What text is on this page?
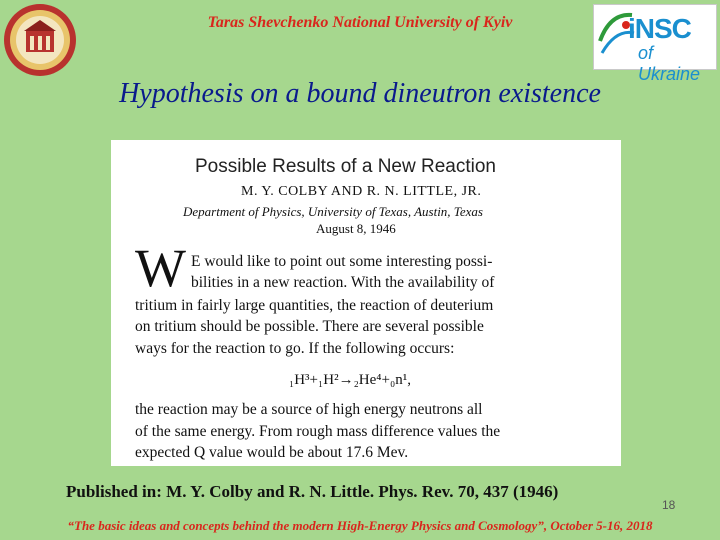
Taras Shevchenko National University of Kyiv	iNSC
of Ukraine
Hypothesis on a bound dineutron existence
Possible Results of a New Reaction
M. Y. COLBY AND R. N. LITTLE, JR.
Department of Physics, University of Texas, Austin, Texas
August 8, 1946
W E would like to point out some interesting possi-
bilities in a new reaction. With the availability of
tritium in fairly large quantities, the reaction of deuterium
on tritium should be possible. There are several possible
ways for the reaction to go. If the following occurs:
₁H³+₁H²→₂He⁴+₀n¹,
the reaction may be a source of high energy neutrons all
of the same energy. From rough mass difference values the
expected Q value would be about 17.6 Mev.
Published in: M. Y. Colby and R. N. Little. Phys. Rev. 70, 437 (1946)
18
“The basic ideas and concepts behind the modern High-Energy Physics and Cosmology”, October 5-16, 2018
